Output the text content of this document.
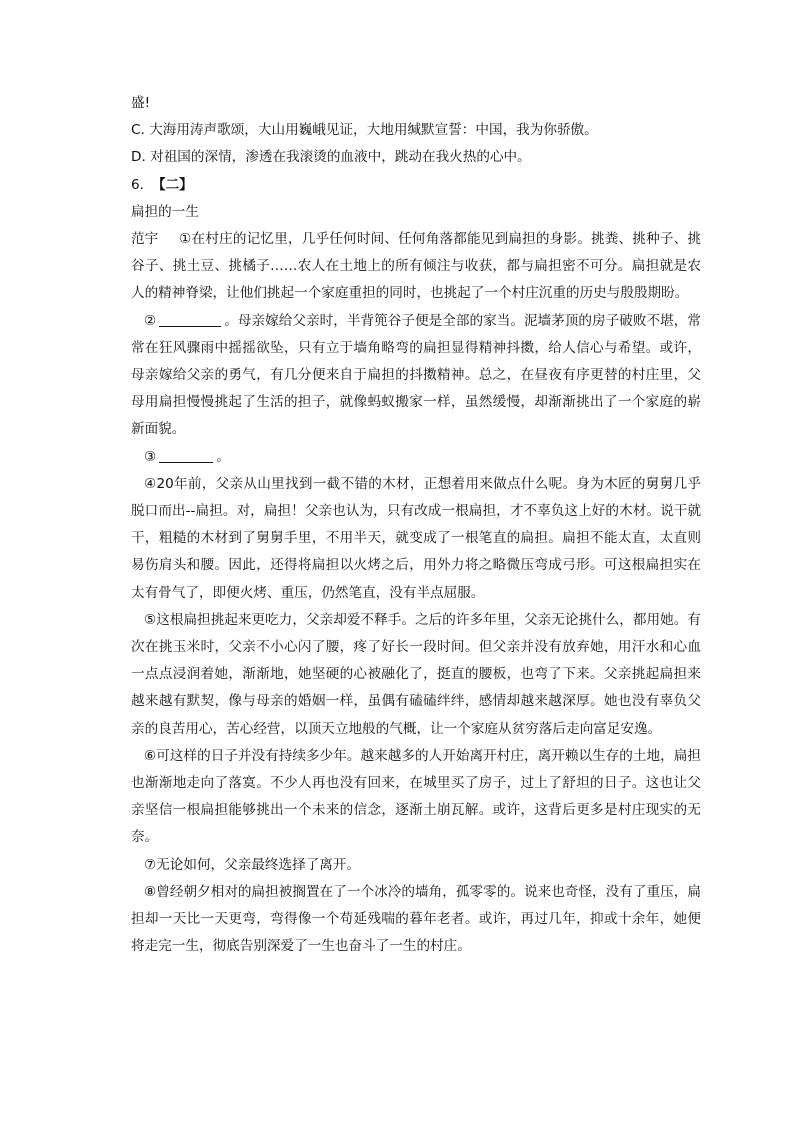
盛!

C. 大海用涛声歌颂，大山用巍峨见证，大地用缄默宣誓：中国，我为你骄傲。

D. 对祖国的深情，渗透在我滚烫的血液中，跳动在我火热的心中。

6. 【二】

扁担的一生

范宇 ①在村庄的记忆里，几乎任何时间、任何角落都能见到扁担的身影。挑粪、挑种子、挑谷子、挑土豆、挑橘子……农人在土地上的所有倾注与收获，都与扁担密不可分。扁担就是农人的精神脊梁，让他们挑起一个家庭重担的同时，也挑起了一个村庄沉重的历史与殷殷期盼。

②	。母亲嫁给父亲时，半背篼谷子便是全部的家当。泥墙茅顶的房子破败不堪，常常在狂风骤雨中摇摇欲坠，只有立于墙角略弯的扁担显得精神抖擞，给人信心与希望。或许，母亲嫁给父亲的勇气，有几分便来自于扁担的抖擞精神。总之，在昼夜有序更替的村庄里，父母用扁担慢慢挑起了生活的担子，就像蚂蚁搬家一样，虽然缓慢，却渐渐挑出了一个家庭的崭新面貌。

③	。

④20年前，父亲从山里找到一截不错的木材，正想着用来做点什么呢。身为木匠的舅舅几乎脱口而出--扁担。对，扁担！父亲也认为，只有改成一根扁担，才不辜负这上好的木材。说干就干，粗糙的木材到了舅舅手里，不用半天，就变成了一根笔直的扁担。扁担不能太直，太直则易伤肩头和腰。因此，还得将扁担以火烤之后，用外力将之略微压弯成弓形。可这根扁担实在太有骨气了，即便火烤、重压，仍然笔直，没有半点屈服。

⑤这根扁担挑起来更吃力，父亲却爱不释手。之后的许多年里，父亲无论挑什么，都用她。有次在挑玉米时，父亲不小心闪了腰，疼了好长一段时间。但父亲并没有放弃她，用汗水和心血一点点浸润着她，渐渐地，她坚硬的心被融化了，挺直的腰板，也弯了下来。父亲挑起扁担来越来越有默契，像与母亲的婚姻一样，虽偶有磕磕绊绊，感情却越来越深厚。她也没有辜负父亲的良苦用心，苦心经营，以顶天立地般的气概，让一个家庭从贫穷落后走向富足安逸。

⑥可这样的日子并没有持续多少年。越来越多的人开始离开村庄，离开赖以生存的土地，扁担也渐渐地走向了落寞。不少人再也没有回来，在城里买了房子，过上了舒坦的日子。这也让父亲坚信一根扁担能够挑出一个未来的信念，逐渐土崩瓦解。或许，这背后更多是村庄现实的无奈。

⑦无论如何，父亲最终选择了离开。

⑧曾经朝夕相对的扁担被搁置在了一个冰冷的墙角，孤零零的。说来也奇怪，没有了重压，扁担却一天比一天更弯，弯得像一个苟延残喘的暮年老者。或许，再过几年，抑或十余年，她便将走完一生，彻底告别深爱了一生也奋斗了一生的村庄。
